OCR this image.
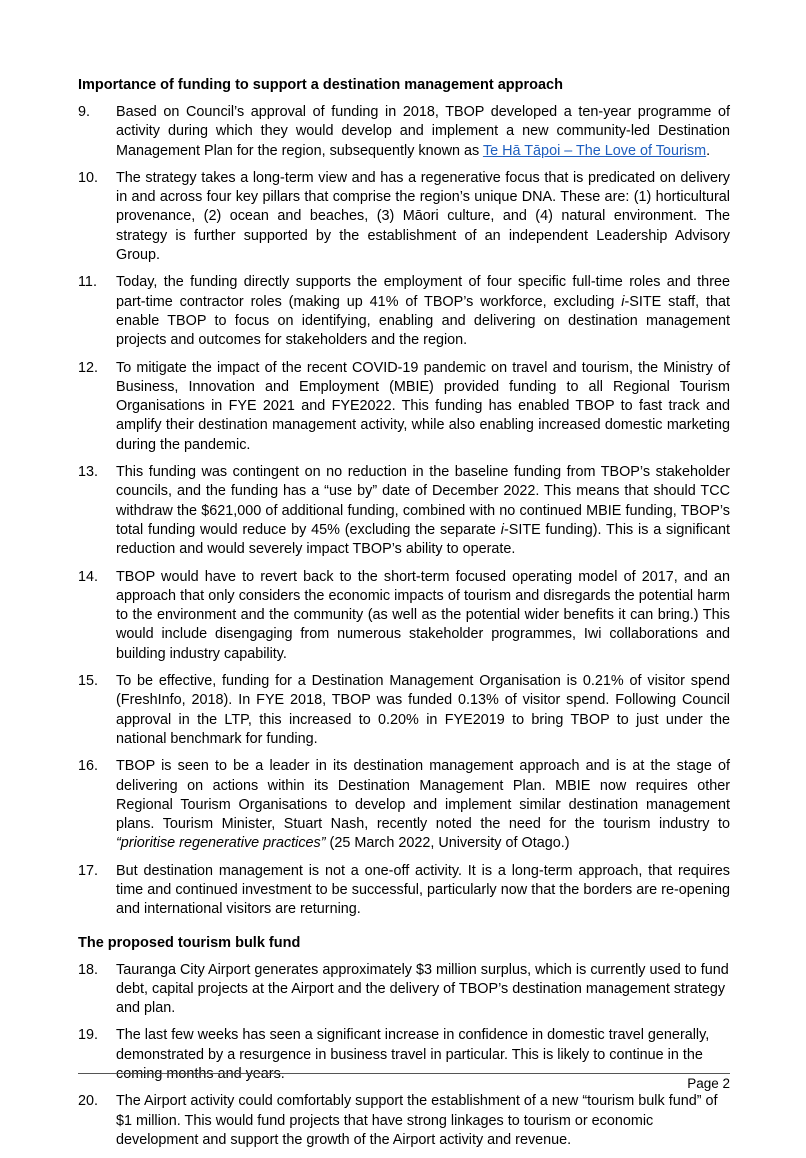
Importance of funding to support a destination management approach
9. Based on Council’s approval of funding in 2018, TBOP developed a ten-year programme of activity during which they would develop and implement a new community-led Destination Management Plan for the region, subsequently known as Te Hā Tāpoi – The Love of Tourism.
10. The strategy takes a long-term view and has a regenerative focus that is predicated on delivery in and across four key pillars that comprise the region’s unique DNA. These are: (1) horticultural provenance, (2) ocean and beaches, (3) Māori culture, and (4) natural environment. The strategy is further supported by the establishment of an independent Leadership Advisory Group.
11. Today, the funding directly supports the employment of four specific full-time roles and three part-time contractor roles (making up 41% of TBOP’s workforce, excluding i-SITE staff, that enable TBOP to focus on identifying, enabling and delivering on destination management projects and outcomes for stakeholders and the region.
12. To mitigate the impact of the recent COVID-19 pandemic on travel and tourism, the Ministry of Business, Innovation and Employment (MBIE) provided funding to all Regional Tourism Organisations in FYE 2021 and FYE2022. This funding has enabled TBOP to fast track and amplify their destination management activity, while also enabling increased domestic marketing during the pandemic.
13. This funding was contingent on no reduction in the baseline funding from TBOP’s stakeholder councils, and the funding has a “use by” date of December 2022. This means that should TCC withdraw the $621,000 of additional funding, combined with no continued MBIE funding, TBOP’s total funding would reduce by 45% (excluding the separate i-SITE funding). This is a significant reduction and would severely impact TBOP’s ability to operate.
14. TBOP would have to revert back to the short-term focused operating model of 2017, and an approach that only considers the economic impacts of tourism and disregards the potential harm to the environment and the community (as well as the potential wider benefits it can bring.) This would include disengaging from numerous stakeholder programmes, Iwi collaborations and building industry capability.
15. To be effective, funding for a Destination Management Organisation is 0.21% of visitor spend (FreshInfo, 2018). In FYE 2018, TBOP was funded 0.13% of visitor spend. Following Council approval in the LTP, this increased to 0.20% in FYE2019 to bring TBOP to just under the national benchmark for funding.
16. TBOP is seen to be a leader in its destination management approach and is at the stage of delivering on actions within its Destination Management Plan. MBIE now requires other Regional Tourism Organisations to develop and implement similar destination management plans. Tourism Minister, Stuart Nash, recently noted the need for the tourism industry to “prioritise regenerative practices” (25 March 2022, University of Otago.)
17. But destination management is not a one-off activity. It is a long-term approach, that requires time and continued investment to be successful, particularly now that the borders are re-opening and international visitors are returning.
The proposed tourism bulk fund
18. Tauranga City Airport generates approximately $3 million surplus, which is currently used to fund debt, capital projects at the Airport and the delivery of TBOP’s destination management strategy and plan.
19. The last few weeks has seen a significant increase in confidence in domestic travel generally, demonstrated by a resurgence in business travel in particular. This is likely to continue in the coming months and years.
20. The Airport activity could comfortably support the establishment of a new “tourism bulk fund” of $1 million. This would fund projects that have strong linkages to tourism or economic development and support the growth of the Airport activity and revenue.
Page 2
